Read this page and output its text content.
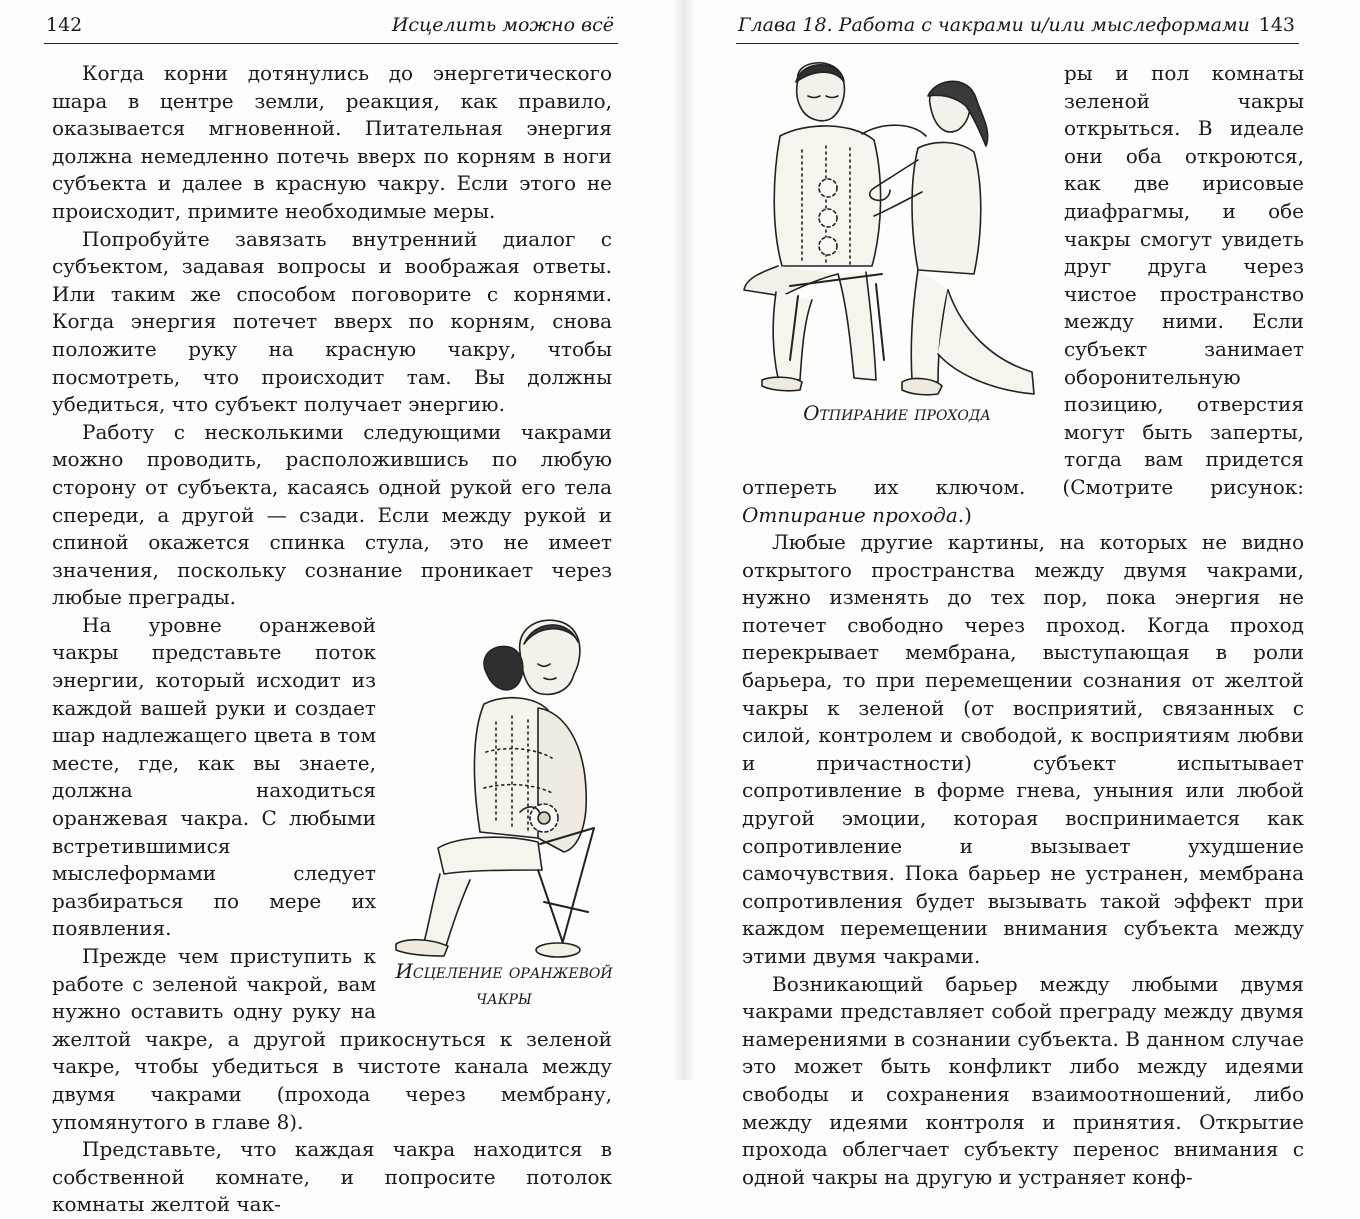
142	Исцелить можно всё

Когда корни дотянулись до энергетического шара в центре земли, реакция, как правило, оказывается мгновенной. Питательная энергия должна немедленно потечь вверх по корням в ноги субъекта и далее в красную чакру. Если этого не происходит, примите необходимые меры.

Попробуйте завязать внутренний диалог с субъектом, задавая вопросы и воображая ответы. Или таким же способом поговорите с корнями. Когда энергия потечет вверх по корням, снова положите руку на красную чакру, чтобы посмотреть, что происходит там. Вы должны убедиться, что субъект получает энергию.

Работу с несколькими следующими чакрами можно проводить, расположившись по любую сторону от субъекта, касаясь одной рукой его тела спереди, а другой — сзади. Если между рукой и спиной окажется спинка стула, это не имеет значения, поскольку сознание проникает через любые преграды.

Исцеление оранжевой чакры

На уровне оранжевой чакры представьте поток энергии, который исходит из каждой вашей руки и создает шар надлежащего цвета в том месте, где, как вы знаете, должна находиться оранжевая чакра. С любыми встретившимися мыслеформами следует разбираться по мере их появления.

Прежде чем приступить к работе с зеленой чакрой, вам нужно оставить одну руку на желтой чакре, а другой прикоснуться к зеленой чакре, чтобы убедиться в чистоте канала между двумя чакрами (прохода через мембрану, упомянутого в главе 8).

Представьте, что каждая чакра находится в собственной комнате, и попросите потолок комнаты желтой чак-

Глава 18. Работа с чакрами и/или мыслеформами 143
Отпирание прохода

ры и пол комнаты зеленой чакры открыться. В идеале они оба откроются, как две ирисовые диафрагмы, и обе чакры смогут увидеть друг друга через чистое пространство между ними. Если субъект занимает оборонительную позицию, отверстия могут быть заперты, тогда вам придется отпереть их ключом. (Смотрите рисунок: Отпирание прохода.)

Любые другие картины, на которых не видно открытого пространства между двумя чакрами, нужно изменять до тех пор, пока энергия не потечет свободно через проход. Когда проход перекрывает мембрана, выступающая в роли барьера, то при перемещении сознания от желтой чакры к зеленой (от восприятий, связанных с силой, контролем и свободой, к восприятиям любви и причастности) субъект испытывает сопротивление в форме гнева, уныния или любой другой эмоции, которая воспринимается как сопротивление и вызывает ухудшение самочувствия. Пока барьер не устранен, мембрана сопротивления будет вызывать такой эффект при каждом перемещении внимания субъекта между этими двумя чакрами.

Возникающий барьер между любыми двумя чакрами представляет собой преграду между двумя намерениями в сознании субъекта. В данном случае это может быть конфликт либо между идеями свободы и сохранения взаимоотношений, либо между идеями контроля и принятия. Открытие прохода облегчает субъекту перенос внимания с одной чакры на другую и устраняет конф-
